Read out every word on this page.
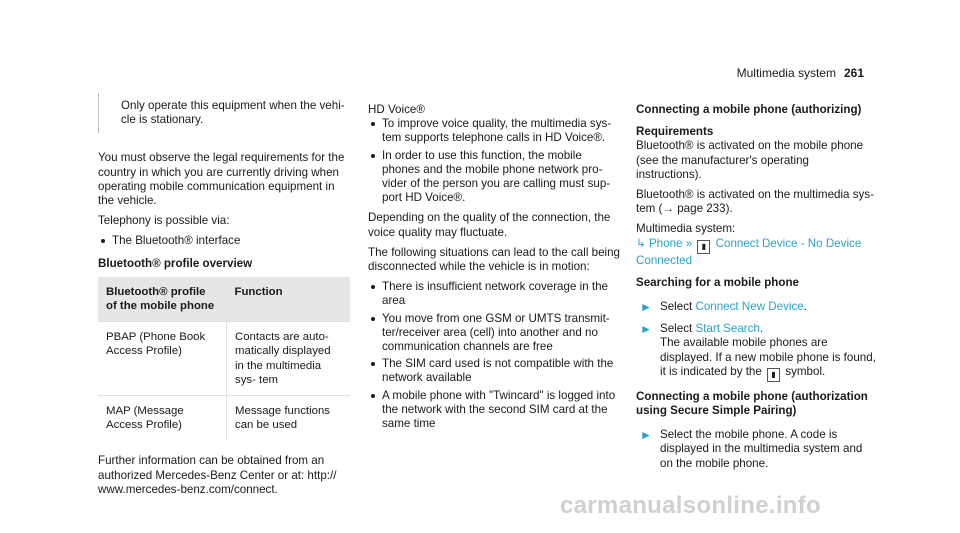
Multimedia system 261

Only operate this equipment when the vehi- cle is stationary.

You must observe the legal requirements for the country in which you are currently driving when operating mobile communication equipment in the vehicle.

Telephony is possible via:

The Bluetooth® interface

Bluetooth® profile overview

Bluetooth® profile of the mobile phone	Function
PBAP (Phone Book Access Profile)	Contacts are auto- matically displayed in the multimedia sys- tem
MAP (Message Access Profile)	Message functions can be used

Further information can be obtained from an authorized Mercedes-Benz Center or at: http:// www.mercedes-benz.com/connect.

HD Voice®

To improve voice quality, the multimedia sys- tem supports telephone calls in HD Voice®.
In order to use this function, the mobile phones and the mobile phone network pro- vider of the person you are calling must sup- port HD Voice®.

Depending on the quality of the connection, the voice quality may fluctuate.

The following situations can lead to the call being disconnected while the vehicle is in motion:

There is insufficient network coverage in the area
You move from one GSM or UMTS transmit- ter/receiver area (cell) into another and no communication channels are free
The SIM card used is not compatible with the network available
A mobile phone with "Twincard" is logged into the network with the second SIM card at the same time

Connecting a mobile phone (authorizing)

Requirements

Bluetooth® is activated on the mobile phone (see the manufacturer's operating instructions).

Bluetooth® is activated on the multimedia sys- tem (→ page 233).

Multimedia system:

↳ Phone » ▮ Connect Device - No Device Connected

Searching for a mobile phone

► Select Connect New Device.
► Select Start Search.
The available mobile phones are displayed. If a new mobile phone is found, it is indicated by the ▮ symbol.

Connecting a mobile phone (authorization using Secure Simple Pairing)

► Select the mobile phone. A code is displayed in the multimedia system and on the mobile phone.
carmanualsonline.info
